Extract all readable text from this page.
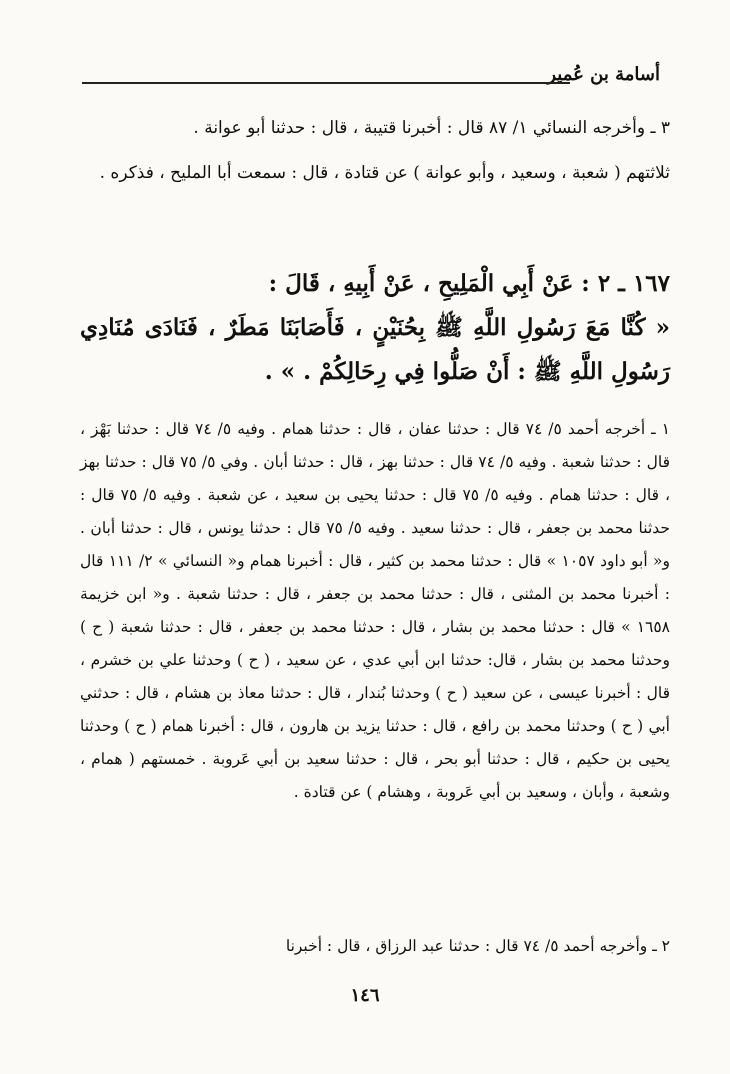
أسامة بن عُمير
٣ ـ وأخرجه النسائي ١/ ٨٧ قال : أخبرنا قتيبة ، قال : حدثنا أبو عوانة .
ثلاثتهم ( شعبة ، وسعيد ، وأبو عوانة ) عن قتادة ، قال : سمعت أبا المليح ، فذكره .
١٦٧ ـ ٢ : عَنْ أَبِي الْمَلِيحِ ، عَنْ أَبِيهِ ، قَالَ :
« كُنَّا مَعَ رَسُولِ اللَّهِ ﷺ بِحُنَيْنٍ ، فَأَصَابَنَا مَطَرٌ ، فَنَادَى مُنَادِي رَسُولِ اللَّهِ ﷺ : أَنْ صَلُّوا فِي رِحَالِكُمْ . » .
١ ـ أخرجه أحمد ٥/ ٧٤ قال : حدثنا عفان ، قال : حدثنا همام . وفيه ٥/ ٧٤ قال : حدثنا بَهْز ، قال : حدثنا شعبة . وفيه ٥/ ٧٤ قال : حدثنا بهز ، قال : حدثنا أبان . وفي ٥/ ٧٥ قال : حدثنا بهز ، قال : حدثنا همام . وفيه ٥/ ٧٥ قال : حدثنا يحيى بن سعيد ، عن شعبة . وفيه ٥/ ٧٥ قال : حدثنا محمد بن جعفر ، قال : حدثنا سعيد . وفيه ٥/ ٧٥ قال : حدثنا يونس ، قال : حدثنا أبان . و« أبو داود ١٠٥٧ » قال : حدثنا محمد بن كثير ، قال : أخبرنا همام و« النسائي » ٢/ ١١١ قال : أخبرنا محمد بن المثنى ، قال : حدثنا محمد بن جعفر ، قال : حدثنا شعبة . و« ابن خزيمة ١٦٥٨ » قال : حدثنا محمد بن بشار ، قال : حدثنا محمد بن جعفر ، قال : حدثنا شعبة ( ح ) وحدثنا محمد بن بشار ، قال: حدثنا ابن أبي عدي ، عن سعيد ، ( ح ) وحدثنا علي بن خشرم ، قال : أخبرنا عيسى ، عن سعيد ( ح ) وحدثنا بُندار ، قال : حدثنا معاذ بن هشام ، قال : حدثني أبي ( ح ) وحدثنا محمد بن رافع ، قال : حدثنا يزيد بن هارون ، قال : أخبرنا همام ( ح ) وحدثنا يحيى بن حكيم ، قال : حدثنا أبو بحر ، قال : حدثنا سعيد بن أبي عَروبة . خمستهم ( همام ، وشعبة ، وأبان ، وسعيد بن أبي عَروبة ، وهشام ) عن قتادة .
٢ ـ وأخرجه أحمد ٥/ ٧٤ قال : حدثنا عبد الرزاق ، قال : أخبرنا
١٤٦
